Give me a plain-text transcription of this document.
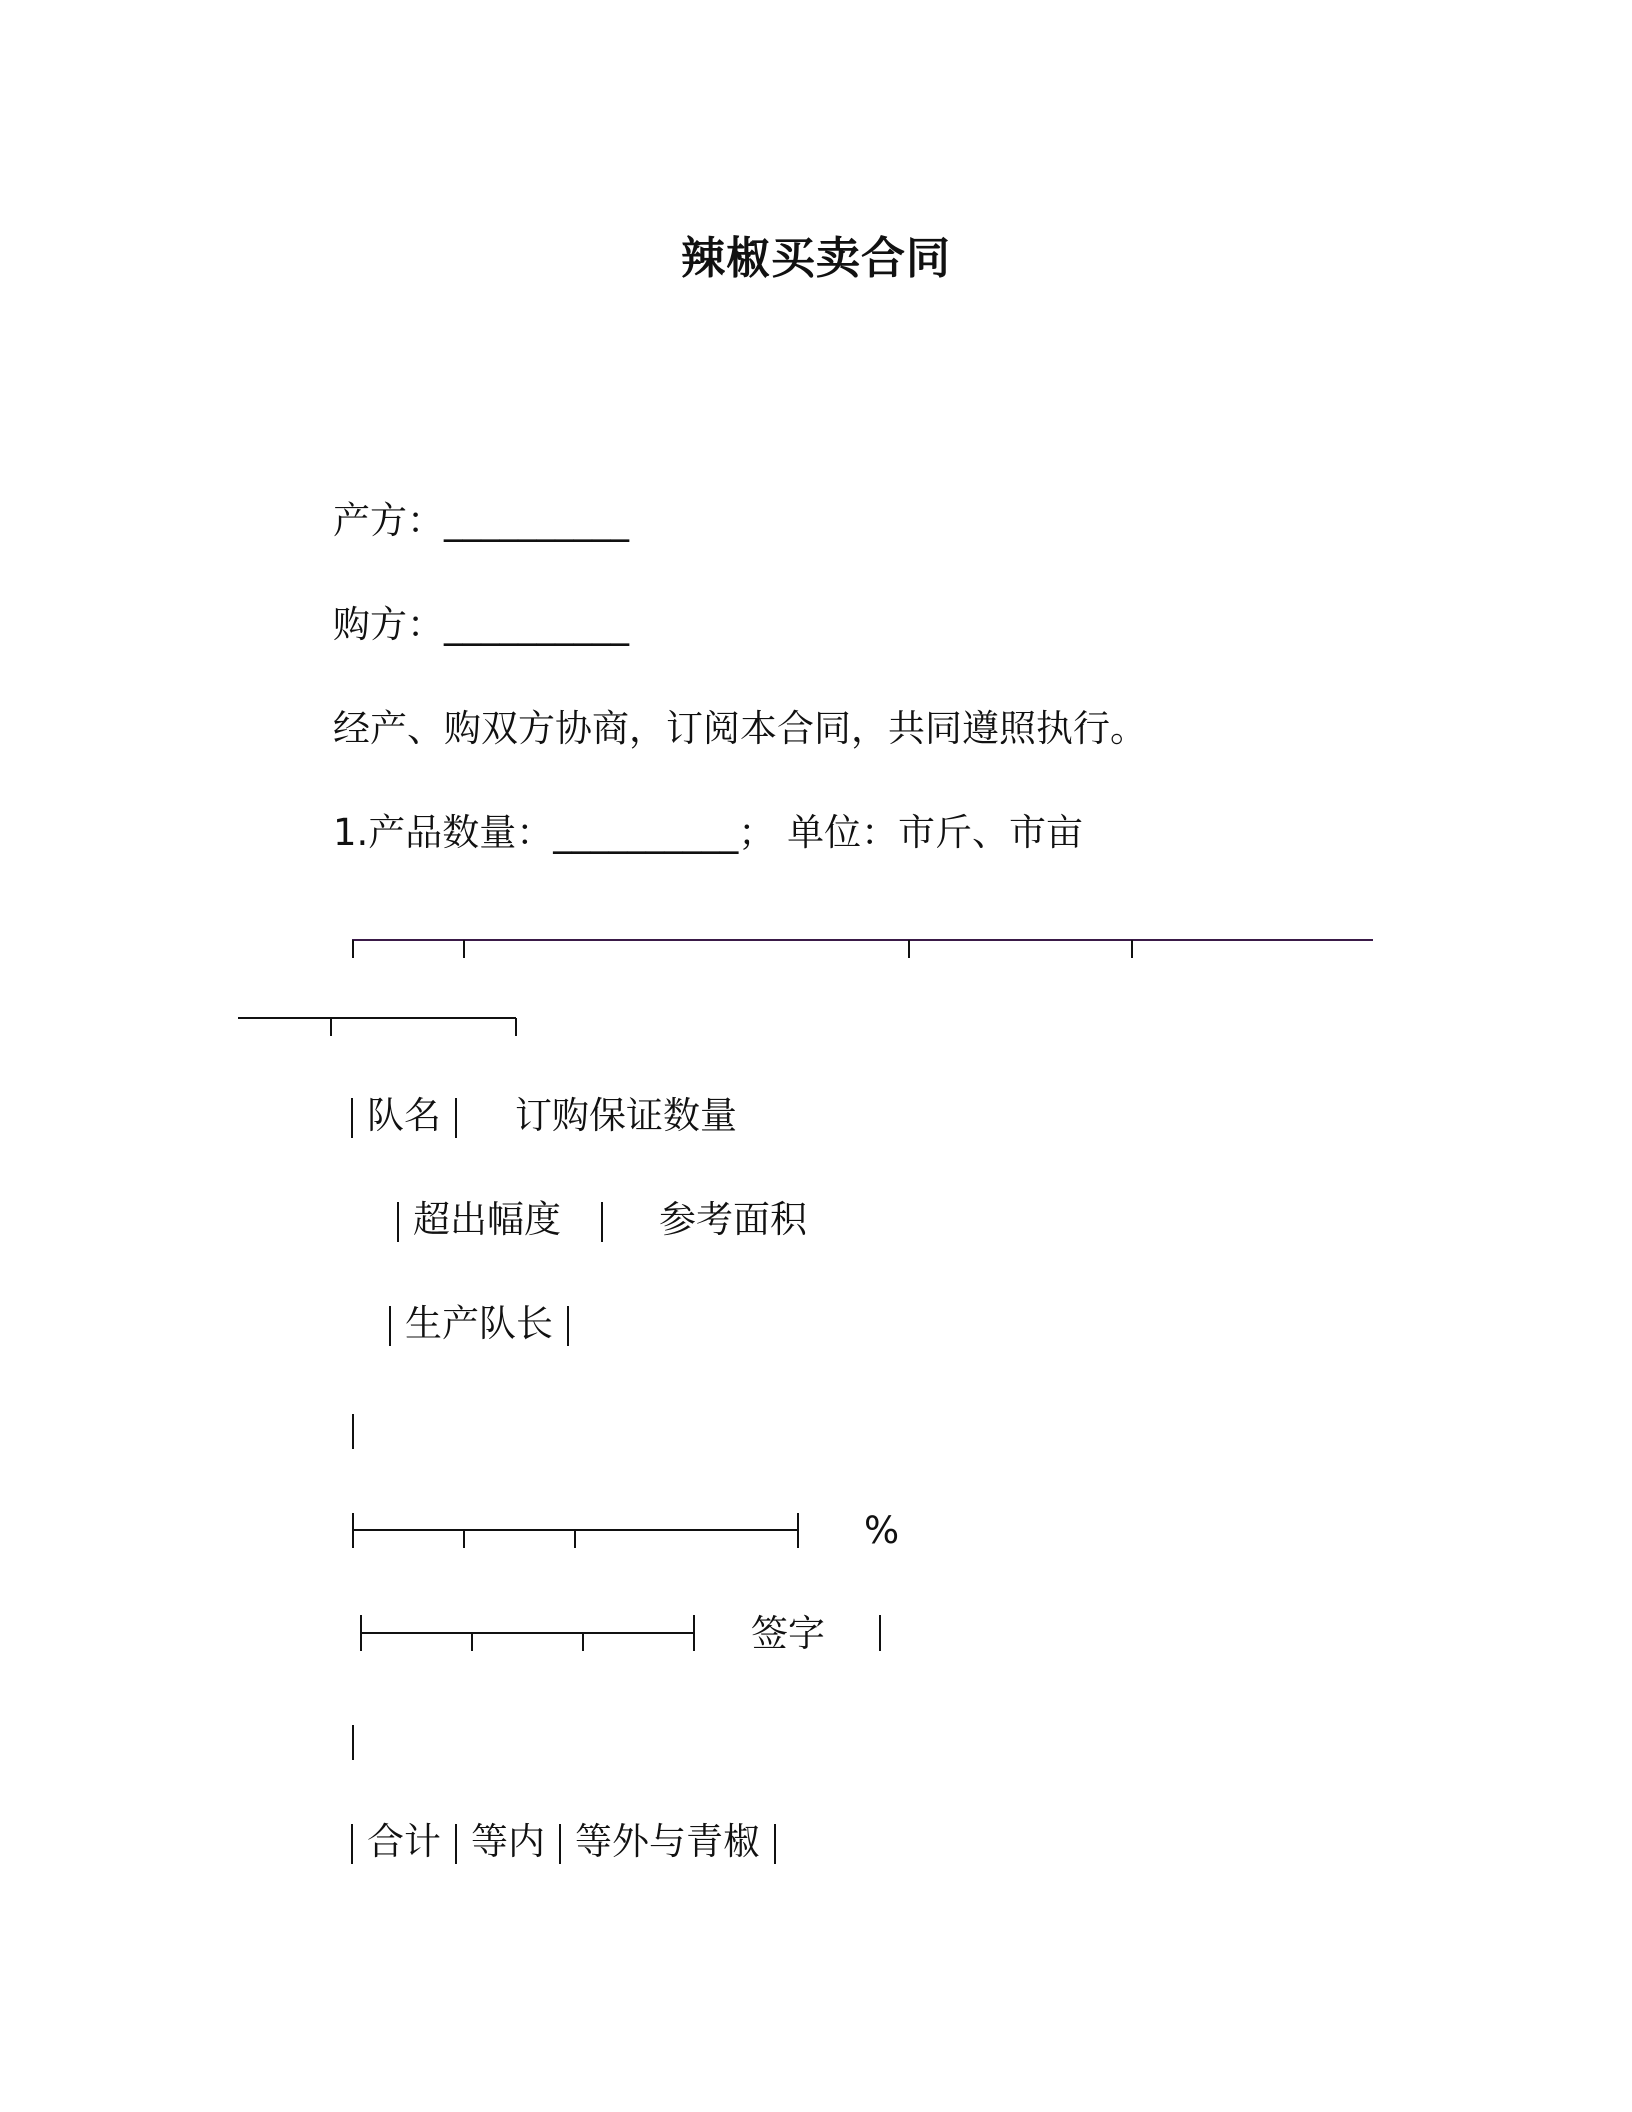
辣椒买卖合同
产方：__________
购方：__________
经产、购双方协商，订阅本合同，共同遵照执行。
1.产品数量：__________； 单位：市斤、市亩
队名 订购保证数量
超出幅度	参考面积
生产队长
%
签字
合计 等内 等外与青椒
